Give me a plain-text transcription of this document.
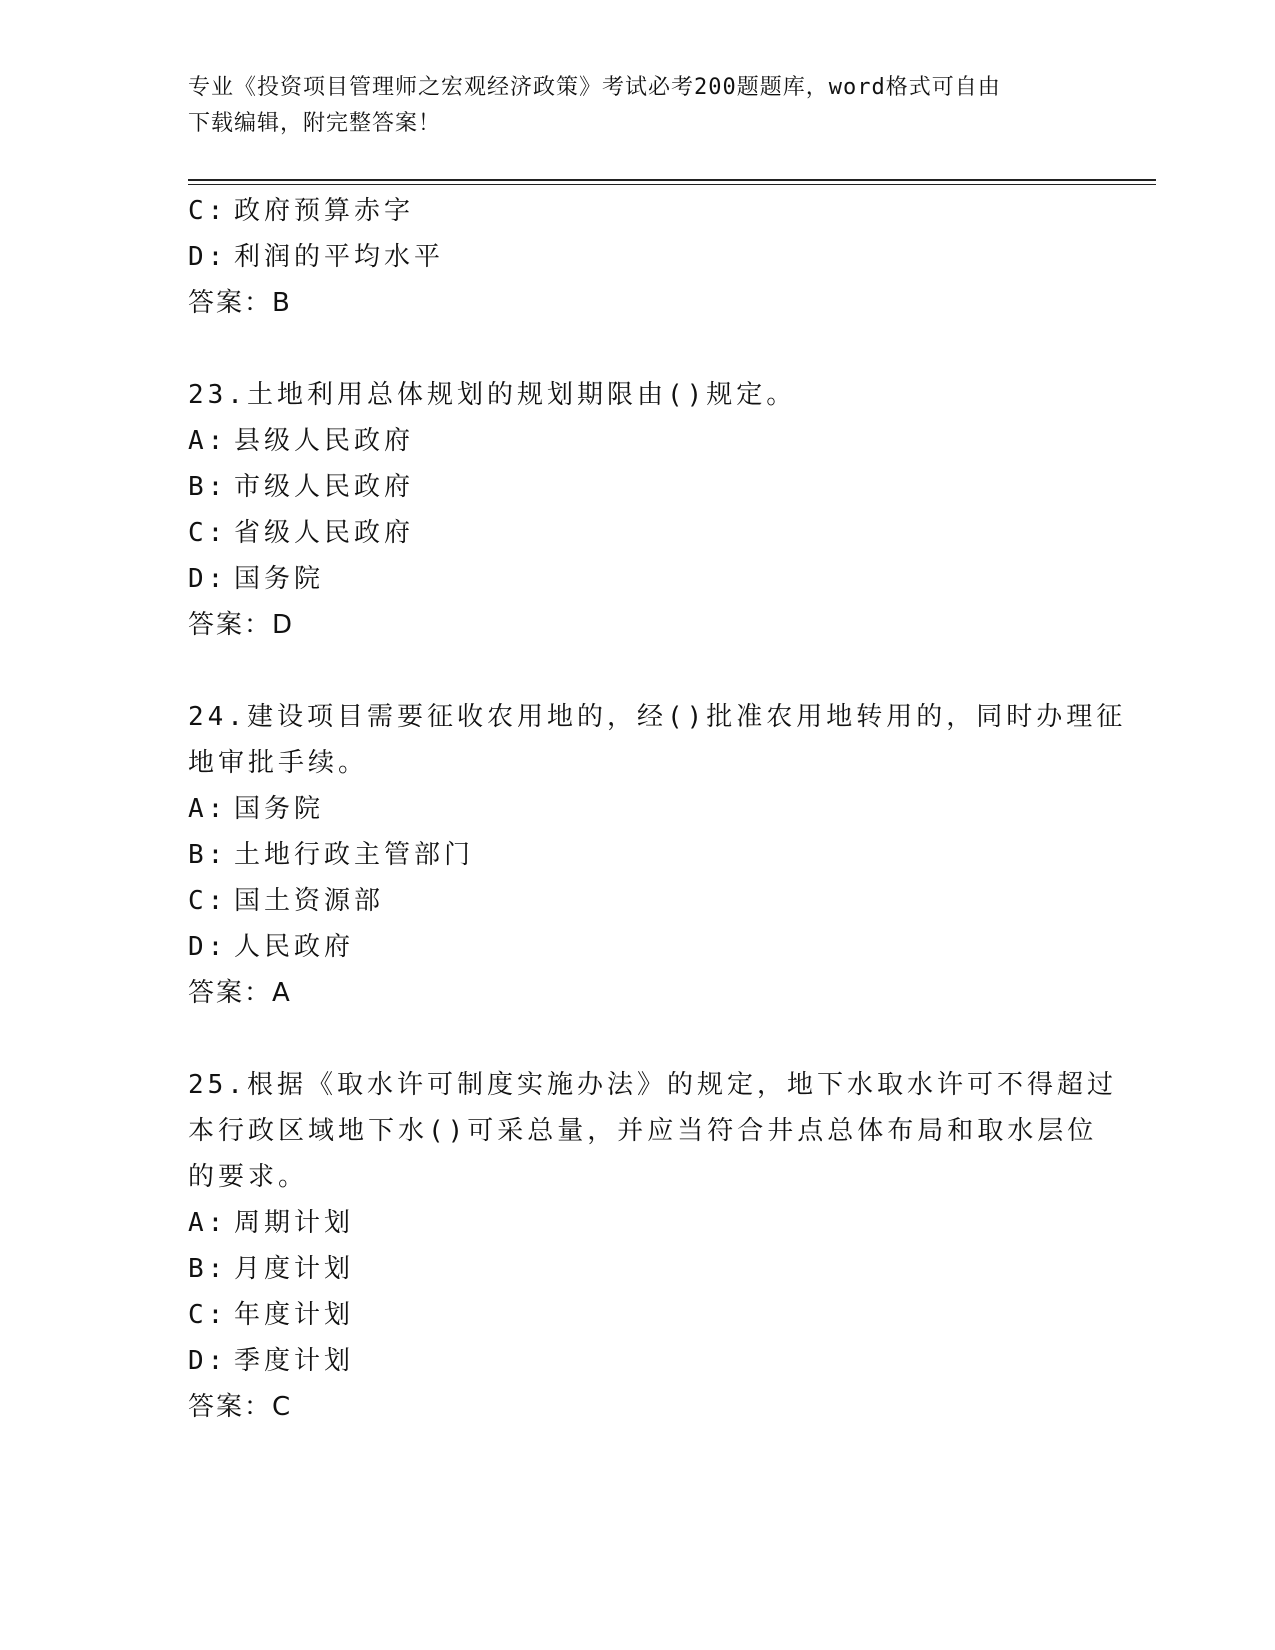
专业《投资项目管理师之宏观经济政策》考试必考200题题库，word格式可自由
下载编辑，附完整答案！
C: 政府预算赤字
D: 利润的平均水平
答案：B
23.土地利用总体规划的规划期限由()规定。
A: 县级人民政府
B: 市级人民政府
C: 省级人民政府
D: 国务院
答案：D
24.建设项目需要征收农用地的，经()批准农用地转用的，同时办理征
地审批手续。
A: 国务院
B: 土地行政主管部门
C: 国土资源部
D: 人民政府
答案：A
25.根据《取水许可制度实施办法》的规定，地下水取水许可不得超过
本行政区域地下水()可采总量，并应当符合井点总体布局和取水层位
的要求。
A: 周期计划
B: 月度计划
C: 年度计划
D: 季度计划
答案：C
